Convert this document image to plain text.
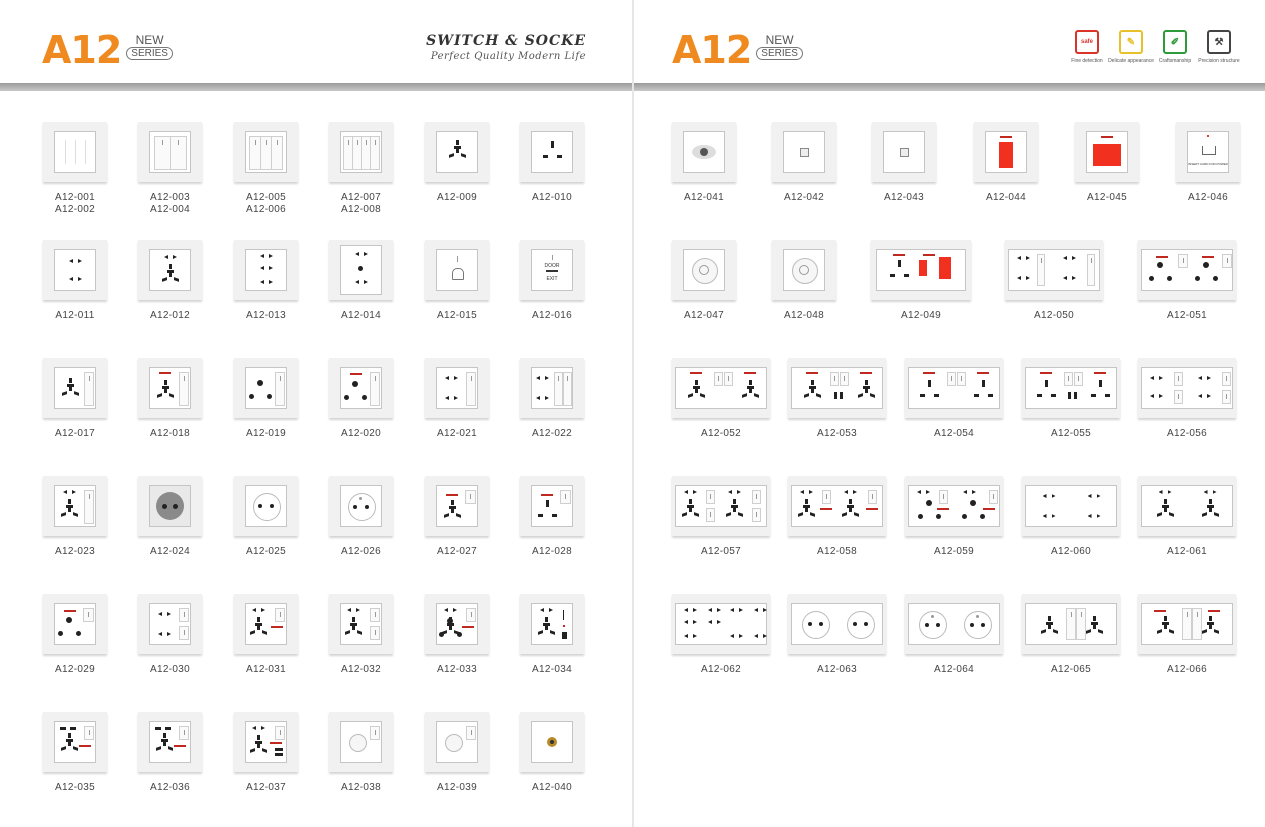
A12 NEW
SERIES
SWITCH & SOCKE
Perfect Quality Modern Life
A12-001
A12-002
A12-003
A12-004
A12-005
A12-006
A12-007
A12-008
A12-009	A12-010
A12-011	A12-012	A12-013	A12-014	A12-015
DOOR
EXIT
A12-016
A12-017	A12-018	A12-019	A12-020	A12-021	A12-022
A12-023	A12-024	A12-025	A12-026	A12-027	A12-028
A12-029	A12-030	A12-031	A12-032	A12-033	A12-034
A12-035	A12-036	A12-037	A12-038	A12-039	A12-040
A12 NEW
SERIES
safe
Fine detection
✎
Delicate appearance
✐
Craftsmanship
⚒
Precision structure
A12-041	A12-042	A12-043	A12-044	A12-045
INSERT CARD FOR POWER
A12-046
A12-047	A12-048	A12-049	A12-050	A12-051
A12-052	A12-053	A12-054	A12-055	A12-056
A12-057	A12-058	A12-059	A12-060	A12-061
A12-062	A12-063	A12-064	A12-065	A12-066
